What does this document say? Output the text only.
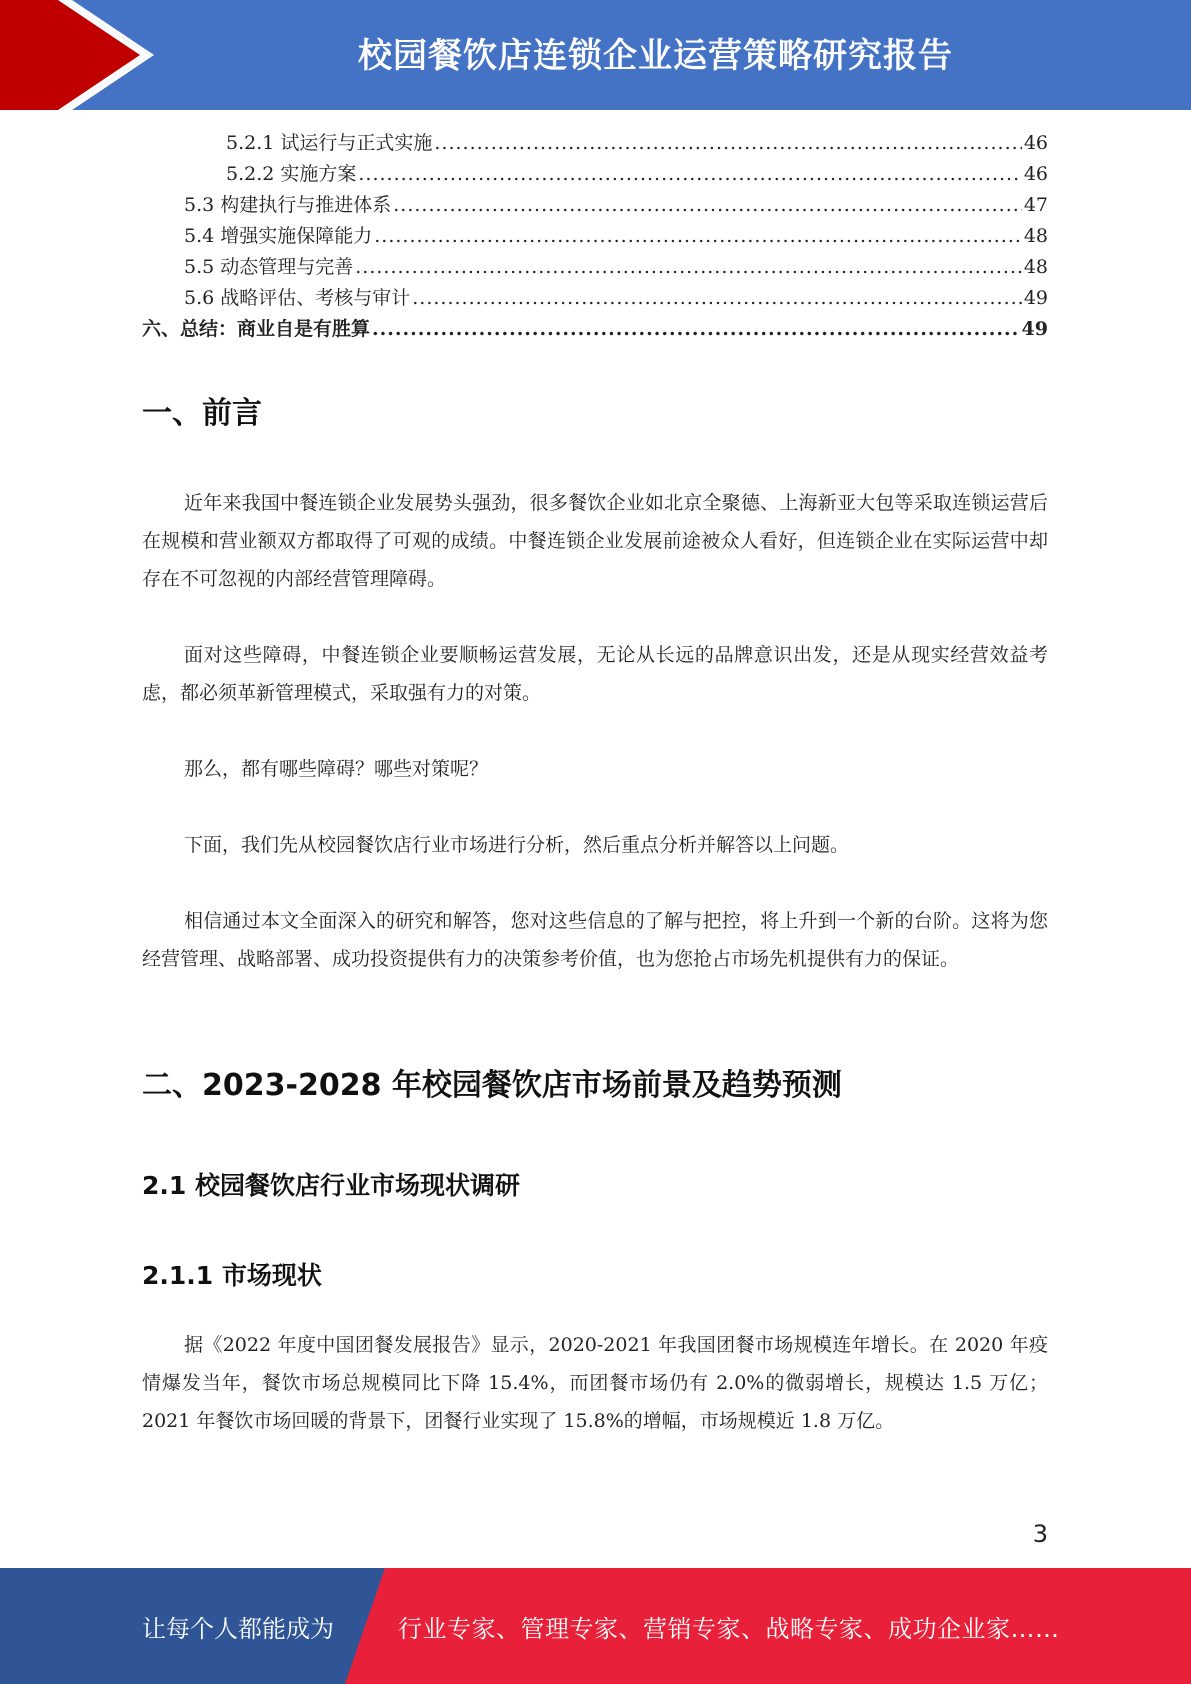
校园餐饮店连锁企业运营策略研究报告
5.2.1 试运行与正式实施 .....	46
5.2.2 实施方案 .....	46
5.3 构建执行与推进体系 .....	47
5.4 增强实施保障能力 .....	48
5.5 动态管理与完善 .....	48
5.6 战略评估、考核与审计 .....	49
六、总结：商业自是有胜算 .....	49
一、前言

近年来我国中餐连锁企业发展势头强劲，很多餐饮企业如北京全聚德、上海新亚大包等采取连锁运营后在规模和营业额双方都取得了可观的成绩。中餐连锁企业发展前途被众人看好，但连锁企业在实际运营中却存在不可忽视的内部经营管理障碍。

面对这些障碍，中餐连锁企业要顺畅运营发展，无论从长远的品牌意识出发，还是从现实经营效益考虑，都必须革新管理模式，采取强有力的对策。

那么，都有哪些障碍？哪些对策呢？

下面，我们先从校园餐饮店行业市场进行分析，然后重点分析并解答以上问题。

相信通过本文全面深入的研究和解答，您对这些信息的了解与把控，将上升到一个新的台阶。这将为您经营管理、战略部署、成功投资提供有力的决策参考价值，也为您抢占市场先机提供有力的保证。

二、2023-2028 年校园餐饮店市场前景及趋势预测
2.1 校园餐饮店行业市场现状调研
2.1.1 市场现状

据《2022 年度中国团餐发展报告》显示，2020-2021 年我国团餐市场规模连年增长。在 2020 年疫情爆发当年，餐饮市场总规模同比下降 15.4%，而团餐市场仍有 2.0%的微弱增长，规模达 1.5 万亿；2021 年餐饮市场回暖的背景下，团餐行业实现了 15.8%的增幅，市场规模近 1.8 万亿。

3
让每个人都能成为	行业专家、管理专家、营销专家、战略专家、成功企业家……
